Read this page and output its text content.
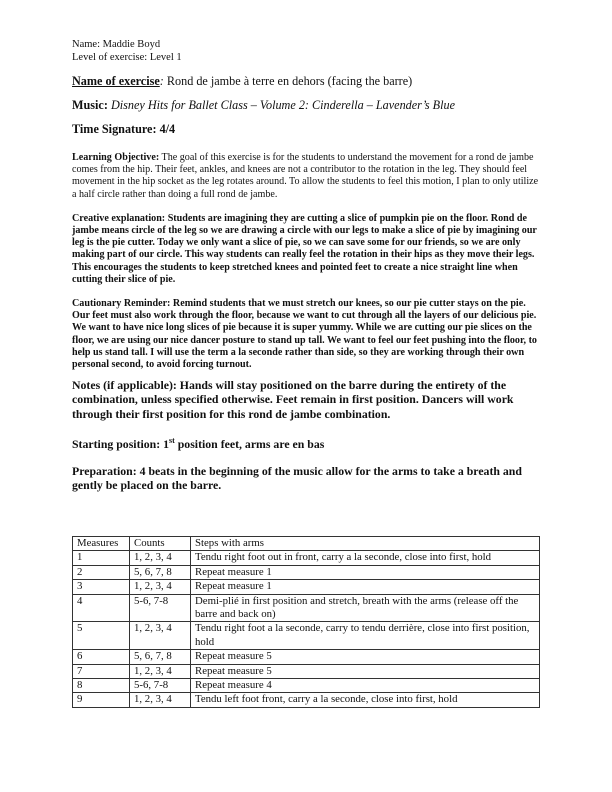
Name: Maddie Boyd
Level of exercise: Level 1
Name of exercise: Rond de jambe à terre en dehors (facing the barre)
Music: Disney Hits for Ballet Class – Volume 2: Cinderella – Lavender’s Blue
Time Signature: 4/4
Learning Objective: The goal of this exercise is for the students to understand the movement for a rond de jambe comes from the hip. Their feet, ankles, and knees are not a contributor to the rotation in the leg. They should feel movement in the hip socket as the leg rotates around. To allow the students to feel this motion, I plan to only utilize a half circle rather than doing a full rond de jambe.
Creative explanation: Students are imagining they are cutting a slice of pumpkin pie on the floor. Rond de jambe means circle of the leg so we are drawing a circle with our legs to make a slice of pie by imagining our leg is the pie cutter. Today we only want a slice of pie, so we can save some for our friends, so we are only making part of our circle. This way students can really feel the rotation in their hips as they move their legs. This encourages the students to keep stretched knees and pointed feet to create a nice straight line when cutting their slice of pie.
Cautionary Reminder: Remind students that we must stretch our knees, so our pie cutter stays on the pie. Our feet must also work through the floor, because we want to cut through all the layers of our delicious pie. We want to have nice long slices of pie because it is super yummy. While we are cutting our pie slices on the floor, we are using our nice dancer posture to stand up tall. We want to feel our feet pushing into the floor, to help us stand tall. I will use the term a la seconde rather than side, so they are working through their own personal second, to avoid forcing turnout.
Notes (if applicable): Hands will stay positioned on the barre during the entirety of the combination, unless specified otherwise. Feet remain in first position. Dancers will work through their first position for this rond de jambe combination.
Starting position: 1st position feet, arms are en bas
Preparation: 4 beats in the beginning of the music allow for the arms to take a breath and gently be placed on the barre.
Measures	Counts	Steps with arms
1	1, 2, 3, 4	Tendu right foot out in front, carry a la seconde, close into first, hold
2	5, 6, 7, 8	Repeat measure 1
3	1, 2, 3, 4	Repeat measure 1
4	5-6, 7-8	Demi-plié in first position and stretch, breath with the arms (release off the barre and back on)
5	1, 2, 3, 4	Tendu right foot a la seconde, carry to tendu derrière, close into first position, hold
6	5, 6, 7, 8	Repeat measure 5
7	1, 2, 3, 4	Repeat measure 5
8	5-6, 7-8	Repeat measure 4
9	1, 2, 3, 4	Tendu left foot front, carry a la seconde, close into first, hold
